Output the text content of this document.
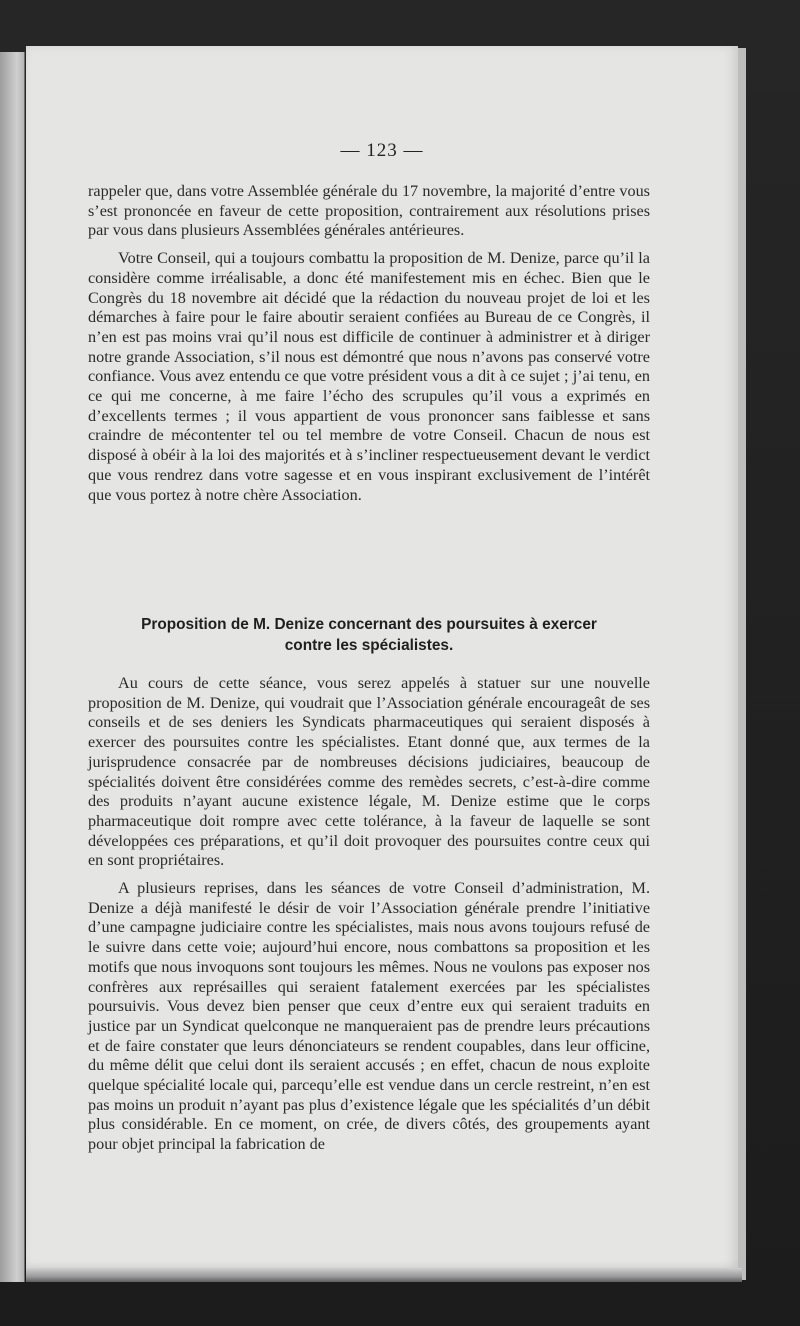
— 123 —

rappeler que, dans votre Assemblée générale du 17 novembre, la majorité d’entre vous s’est prononcée en faveur de cette proposition, contrairement aux résolutions prises par vous dans plusieurs Assemblées générales antérieures.

Votre Conseil, qui a toujours combattu la proposition de M. Denize, parce qu’il la considère comme irréalisable, a donc été manifestement mis en échec. Bien que le Congrès du 18 novembre ait décidé que la rédaction du nouveau projet de loi et les démarches à faire pour le faire aboutir seraient confiées au Bureau de ce Congrès, il n’en est pas moins vrai qu’il nous est difficile de continuer à administrer et à diriger notre grande Association, s’il nous est démontré que nous n’avons pas conservé votre confiance. Vous avez entendu ce que votre président vous a dit à ce sujet ; j’ai tenu, en ce qui me concerne, à me faire l’écho des scrupules qu’il vous a exprimés en d’excellents termes ; il vous appartient de vous prononcer sans faiblesse et sans craindre de mécontenter tel ou tel membre de votre Conseil. Chacun de nous est disposé à obéir à la loi des majorités et à s’incliner respectueusement devant le verdict que vous rendrez dans votre sagesse et en vous inspirant exclusivement de l’intérêt que vous portez à notre chère Association.

Proposition de M. Denize concernant des poursuites à exercer
contre les spécialistes.

Au cours de cette séance, vous serez appelés à statuer sur une nouvelle proposition de M. Denize, qui voudrait que l’Association générale encourageât de ses conseils et de ses deniers les Syndicats pharmaceutiques qui seraient disposés à exercer des poursuites contre les spécialistes. Etant donné que, aux termes de la jurisprudence consacrée par de nombreuses décisions judiciaires, beaucoup de spécialités doivent être considérées comme des remèdes secrets, c’est-à-dire comme des produits n’ayant aucune existence légale, M. Denize estime que le corps pharmaceutique doit rompre avec cette tolérance, à la faveur de laquelle se sont développées ces préparations, et qu’il doit provoquer des poursuites contre ceux qui en sont propriétaires.

A plusieurs reprises, dans les séances de votre Conseil d’administration, M. Denize a déjà manifesté le désir de voir l’Association générale prendre l’initiative d’une campagne judiciaire contre les spécialistes, mais nous avons toujours refusé de le suivre dans cette voie; aujourd’hui encore, nous combattons sa proposition et les motifs que nous invoquons sont toujours les mêmes. Nous ne voulons pas exposer nos confrères aux représailles qui seraient fatalement exercées par les spécialistes poursuivis. Vous devez bien penser que ceux d’entre eux qui seraient traduits en justice par un Syndicat quelconque ne manqueraient pas de prendre leurs précautions et de faire constater que leurs dénonciateurs se rendent coupables, dans leur officine, du même délit que celui dont ils seraient accusés ; en effet, chacun de nous exploite quelque spécialité locale qui, parcequ’elle est vendue dans un cercle restreint, n’en est pas moins un produit n’ayant pas plus d’existence légale que les spécialités d’un débit plus considérable. En ce moment, on crée, de divers côtés, des groupements ayant pour objet principal la fabrication de
